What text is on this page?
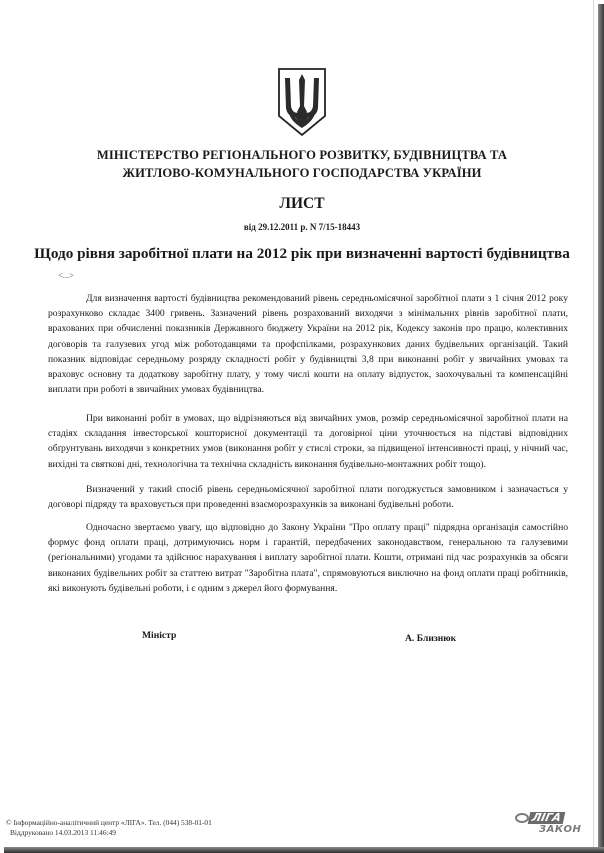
МІНІСТЕРСТВО РЕГІОНАЛЬНОГО РОЗВИТКУ, БУДІВНИЦТВА ТА
ЖИТЛОВО-КОМУНАЛЬНОГО ГОСПОДАРСТВА УКРАЇНИ
ЛИСТ
від 29.12.2011 р. N 7/15-18443
Щодо рівня заробітної плати на 2012 рік при визначенні вартості будівництва
<...>

Для визначення вартості будівництва рекомендований рівень середньомісячної заробітної плати з 1 січня 2012 року розрахунково складає 3400 гривень. Зазначений рівень розрахований виходячи з мінімальних рівнів заробітної плати, врахованих при обчисленні показників Державного бюджету України на 2012 рік, Кодексу законів про працю, колективних договорів та галузевих угод між роботодавцями та профспілками, розрахункових даних будівельних організацій. Такий показник відповідає середньому розряду складності робіт у будівництві 3,8 при виконанні робіт у звичайних умовах та враховує основну та додаткову заробітну плату, у тому числі кошти на оплату відпусток, заохочувальні та компенсаційні виплати при роботі в звичайних умовах будівництва.

При виконанні робіт в умовах, що відрізняються від звичайних умов, розмір середньомісячної заробітної плати на стадіях складання інвесторської кошторисної документації та договірної ціни уточнюється на підставі відповідних обґрунтувань виходячи з конкретних умов (виконання робіт у стислі строки, за підвищеної інтенсивності праці, у нічний час, вихідні та святкові дні, технологічна та технічна складність виконання будівельно-монтажних робіт тощо).

Визначений у такий спосіб рівень середньомісячної заробітної плати погоджується замовником і зазначається у договорі підряду та враховується при проведенні взаєморозрахунків за виконані будівельні роботи.

Одночасно звертаємо увагу, що відповідно до Закону України "Про оплату праці" підрядна організація самостійно формує фонд оплати праці, дотримуючись норм і гарантій, передбачених законодавством, генеральною та галузевими (регіональними) угодами та здійснює нарахування і виплату заробітної плати. Кошти, отримані під час розрахунків за обсяги виконаних будівельних робіт за статтею витрат "Заробітна плата", спрямовуються виключно на фонд оплати праці робітників, які виконують будівельні роботи, і є одним з джерел його формування.

Міністр	А. Близнюк
© Інформаційно-аналітичний центр «ЛІГА». Тел. (044) 538-01-01
Віддруковано 14.03.2013 11:46:49
ЛІГА
ЗАКОН
